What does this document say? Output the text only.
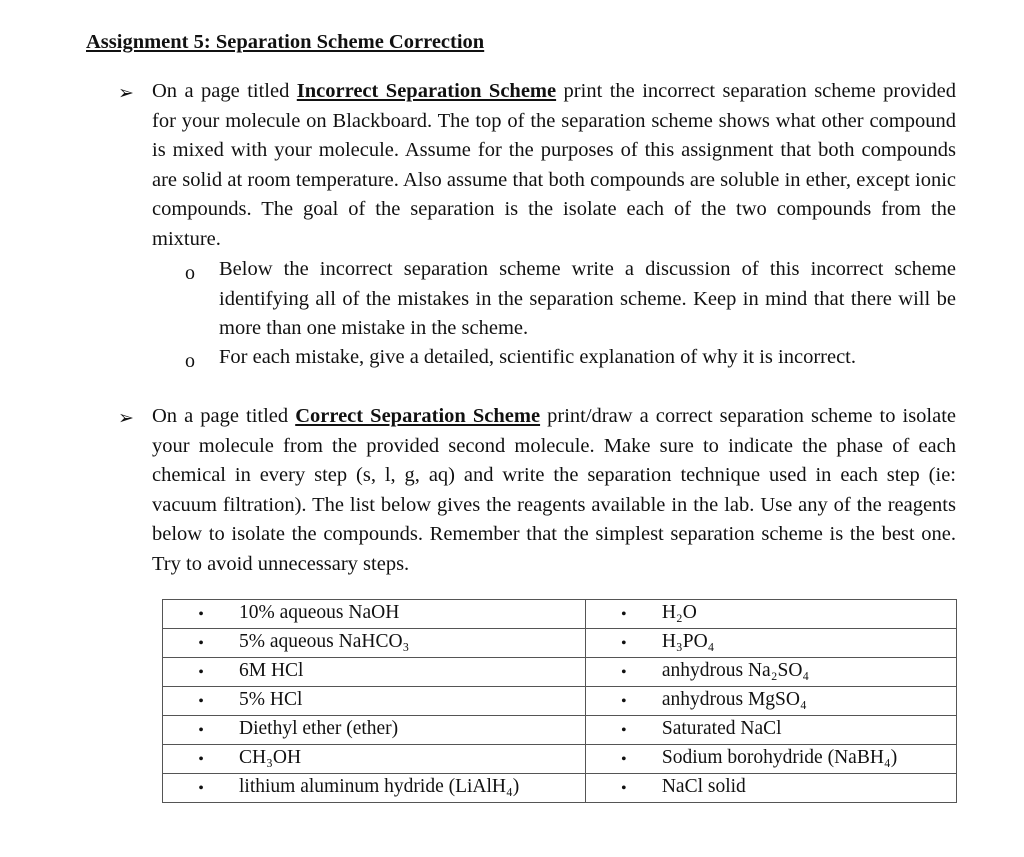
Assignment 5: Separation Scheme Correction
➢ On a page titled Incorrect Separation Scheme print the incorrect separation scheme provided for your molecule on Blackboard. The top of the separation scheme shows what other compound is mixed with your molecule. Assume for the purposes of this assignment that both compounds are solid at room temperature. Also assume that both compounds are soluble in ether, except ionic compounds. The goal of the separation is the isolate each of the two compounds from the mixture.
o Below the incorrect separation scheme write a discussion of this incorrect scheme identifying all of the mistakes in the separation scheme. Keep in mind that there will be more than one mistake in the scheme.
o For each mistake, give a detailed, scientific explanation of why it is incorrect.
➢ On a page titled Correct Separation Scheme print/draw a correct separation scheme to isolate your molecule from the provided second molecule. Make sure to indicate the phase of each chemical in every step (s, l, g, aq) and write the separation technique used in each step (ie: vacuum filtration). The list below gives the reagents available in the lab. Use any of the reagents below to isolate the compounds. Remember that the simplest separation scheme is the best one. Try to avoid unnecessary steps.
• 10% aqueous NaOH	• H₂O

• 5% aqueous NaHCO₃	• H₃PO₄

• 6M HCl	• anhydrous Na₂SO₄

• 5% HCl	• anhydrous MgSO₄

• Diethyl ether (ether)	• Saturated NaCl

• CH₃OH	• Sodium borohydride (NaBH₄)

• lithium aluminum hydride (LiAlH₄)	• NaCl solid
